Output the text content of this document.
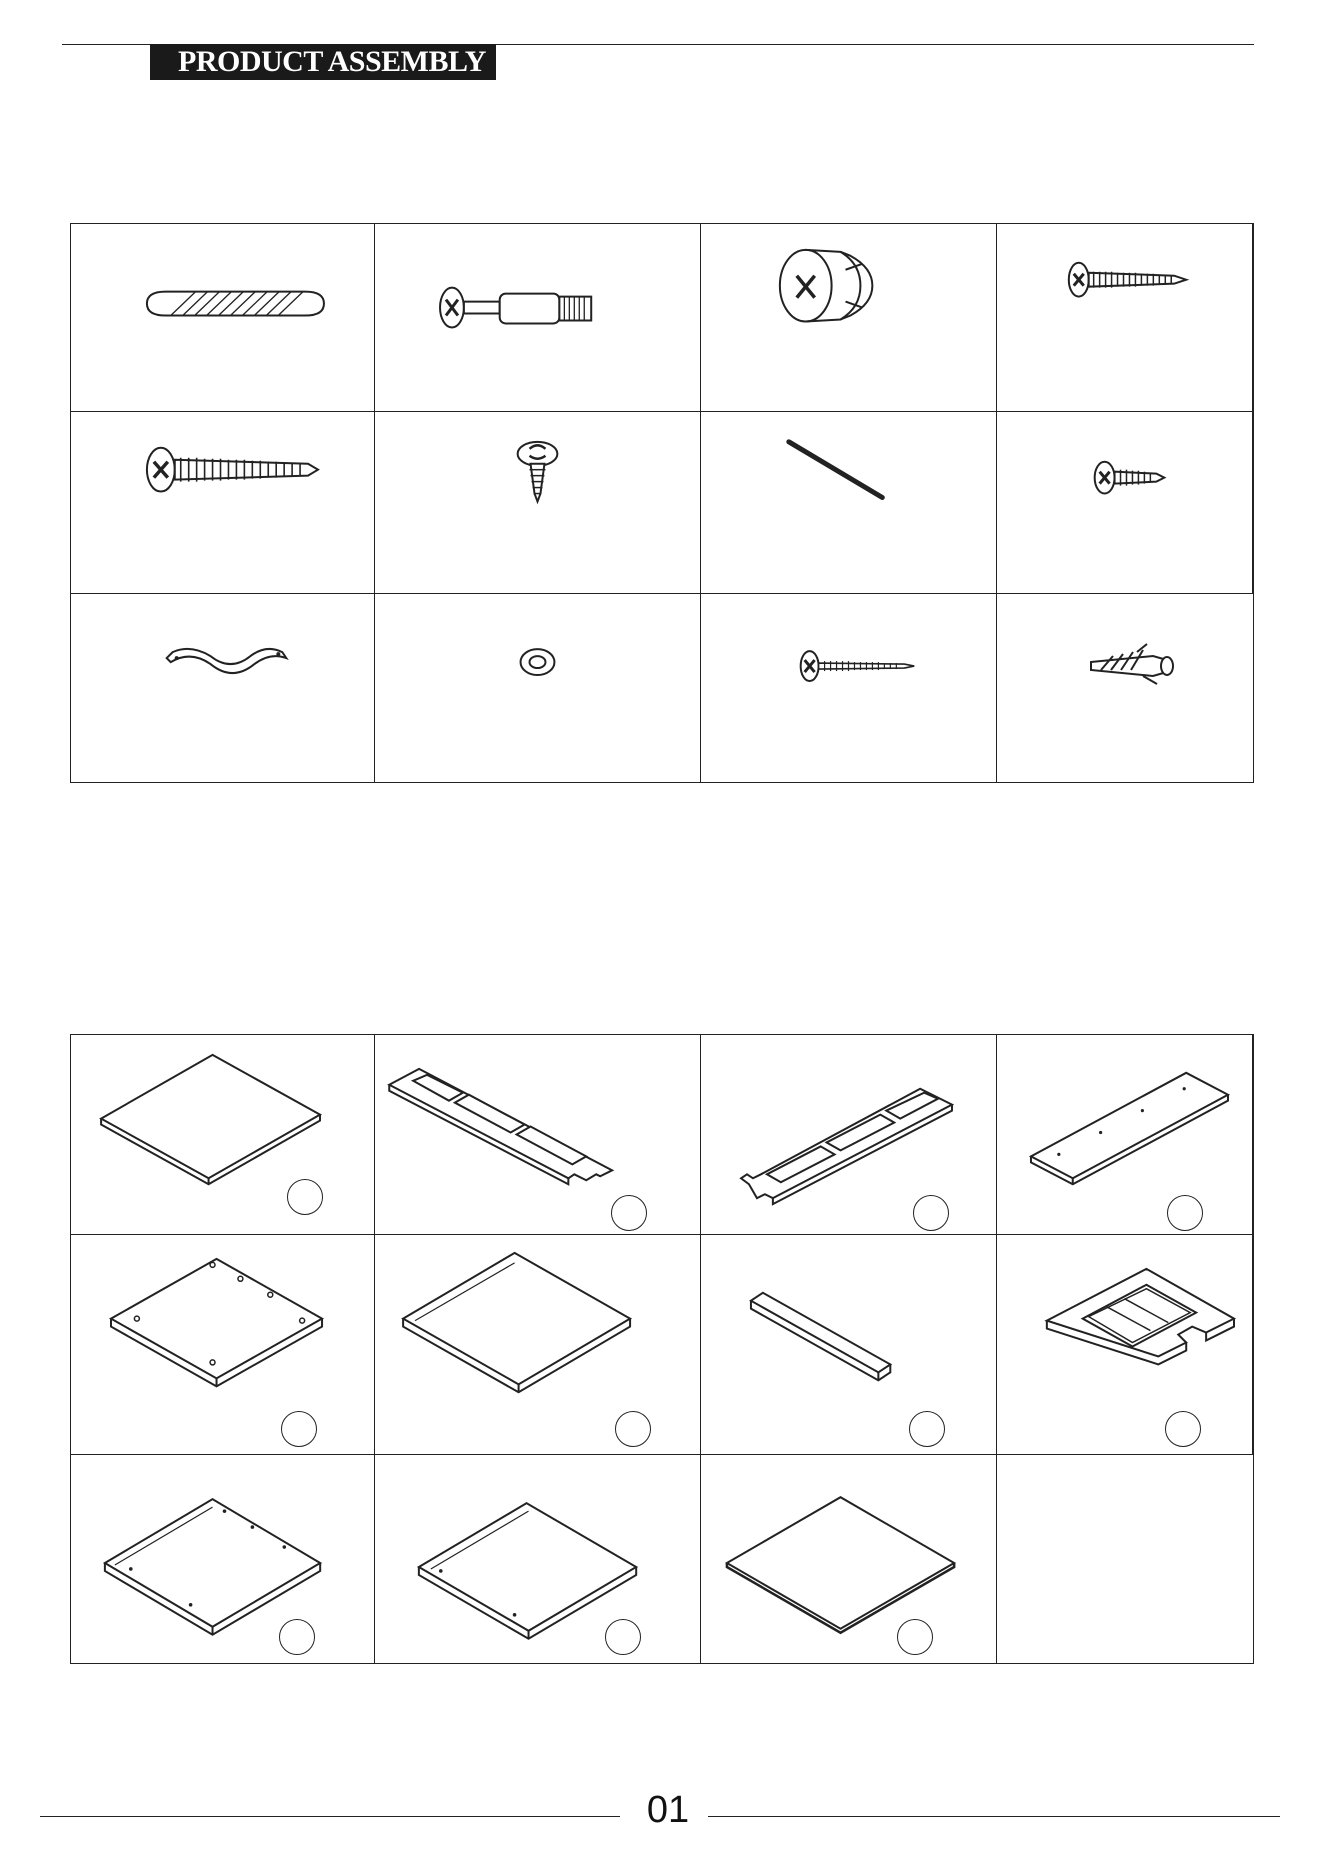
PRODUCT ASSEMBLY
01
